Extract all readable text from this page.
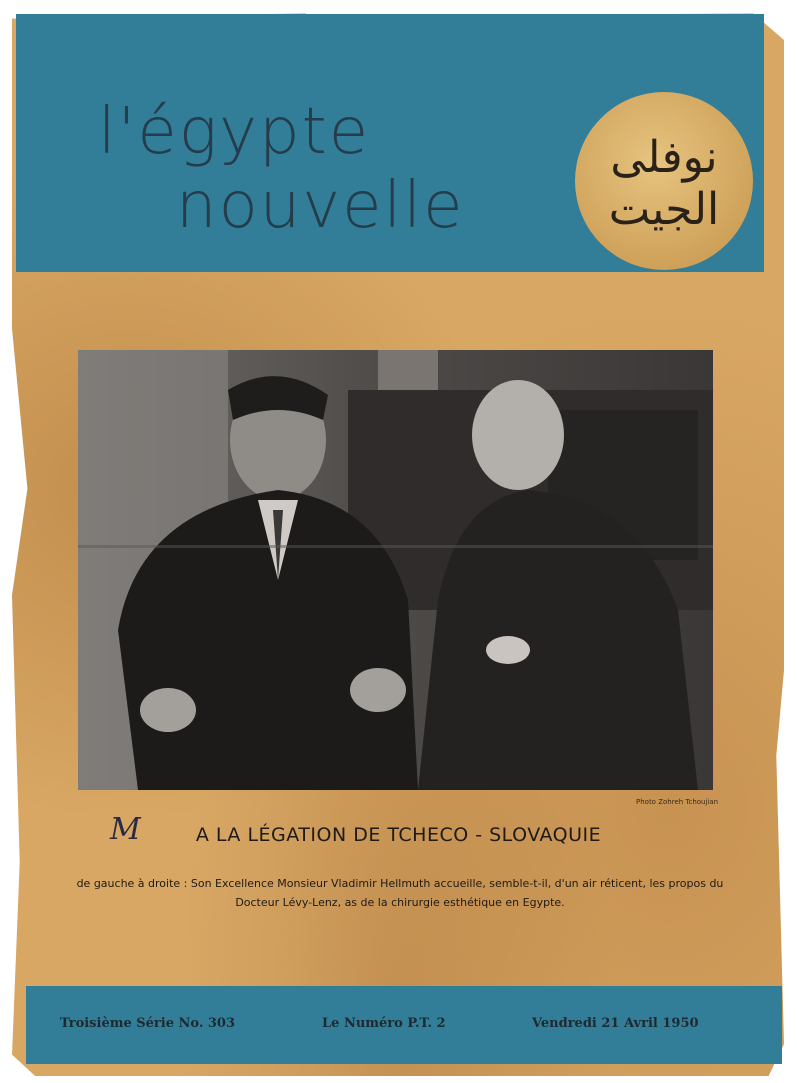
l'égypte
nouvelle
نوفلى الجيت
Photo Zohreh Tchoujian
M	A LA LÉGATION DE TCHECO - SLOVAQUIE
de gauche à droite : Son Excellence Monsieur Vladimir Hellmuth accueille, semble-t-il, d'un air réticent, les propos du Docteur Lévy-Lenz, as de la chirurgie esthétique en Egypte.
Troisième Série No. 303	Le Numéro P.T. 2	Vendredi 21 Avril 1950
